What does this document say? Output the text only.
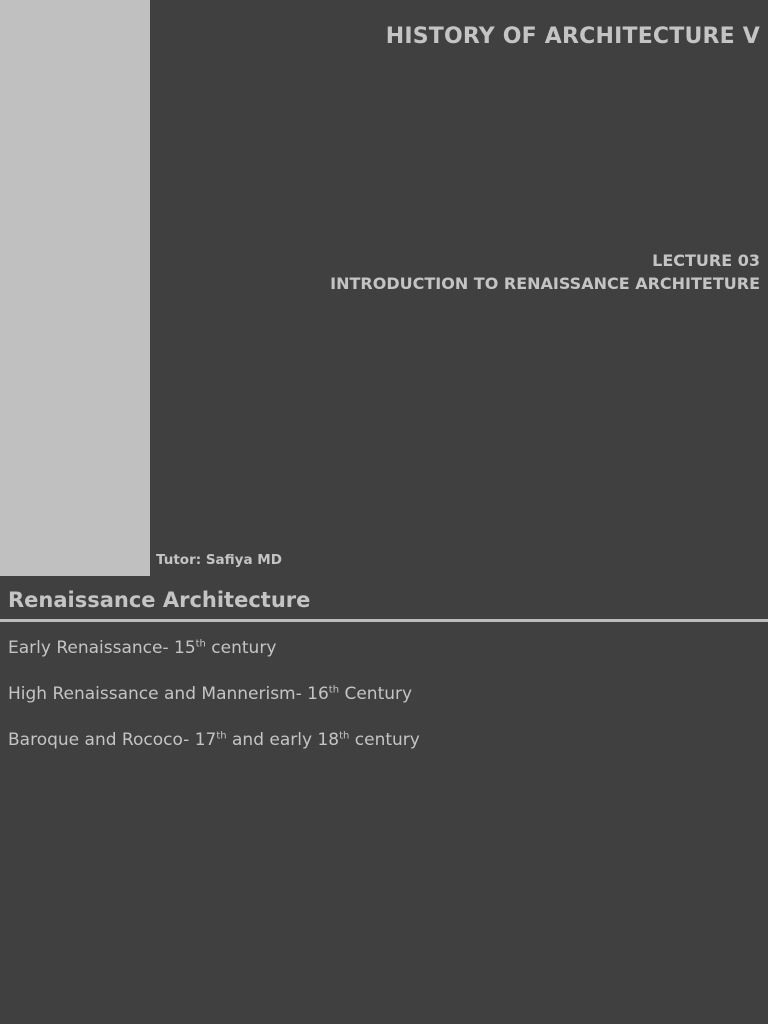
HISTORY OF ARCHITECTURE V
LECTURE 03
INTRODUCTION TO RENAISSANCE ARCHITETURE
Tutor: Safiya MD
Renaissance Architecture
Early Renaissance- 15th century
High Renaissance and Mannerism- 16th Century
Baroque and Rococo- 17th and early 18th century
